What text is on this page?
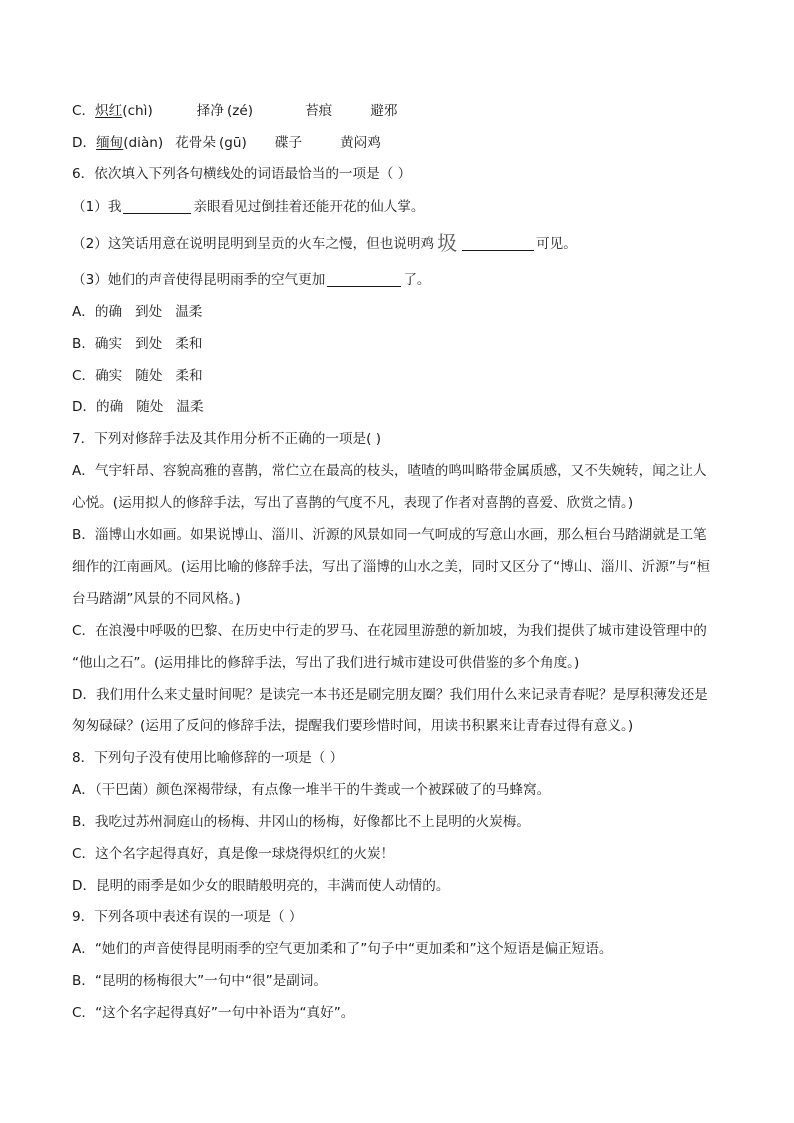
C．炽红(chì)	择净 (zé)	苔痕	避邪
D．缅甸(diàn) 花骨朵 (gū) 碟子	黄闷鸡
6．依次填入下列各句横线处的词语最恰当的一项是（ ）
（1）我	亲眼看见过倒挂着还能开花的仙人掌。
（2）这笑话用意在说明昆明到呈贡的火车之慢，但也说明鸡 圾	可见。
（3）她们的声音使得昆明雨季的空气更加	了。
A．的确   到处   温柔
B．确实   到处   柔和
C．确实   随处   柔和
D．的确   随处   温柔
7．下列对修辞手法及其作用分析不正确的一项是( )
A．气宇轩昂、容貌高雅的喜鹊，常伫立在最高的枝头，喳喳的鸣叫略带金属质感，又不失婉转，闻之让人
心悦。(运用拟人的修辞手法，写出了喜鹊的气度不凡，表现了作者对喜鹊的喜爱、欣赏之情。)
B．淄博山水如画。如果说博山、淄川、沂源的风景如同一气呵成的写意山水画，那么桓台马踏湖就是工笔
细作的江南画风。(运用比喻的修辞手法，写出了淄博的山水之美，同时又区分了“博山、淄川、沂源”与“桓
台马踏湖”风景的不同风格。)
C．在浪漫中呼吸的巴黎、在历史中行走的罗马、在花园里游憩的新加坡，为我们提供了城市建设管理中的
“他山之石”。(运用排比的修辞手法，写出了我们进行城市建设可供借鉴的多个角度。)
D．我们用什么来丈量时间呢？是读完一本书还是刷完朋友圈？我们用什么来记录青春呢？是厚积薄发还是
匆匆碌碌？(运用了反问的修辞手法，提醒我们要珍惜时间，用读书积累来让青春过得有意义。)
8．下列句子没有使用比喻修辞的一项是（ ）
A．（干巴菌）颜色深褐带绿，有点像一堆半干的牛粪或一个被踩破了的马蜂窝。
B．我吃过苏州洞庭山的杨梅、井冈山的杨梅，好像都比不上昆明的火炭梅。
C．这个名字起得真好，真是像一球烧得炽红的火炭！
D．昆明的雨季是如少女的眼睛般明亮的，丰满而使人动情的。
9．下列各项中表述有误的一项是（ ）
A．“她们的声音使得昆明雨季的空气更加柔和了”句子中“更加柔和”这个短语是偏正短语。
B．“昆明的杨梅很大”一句中“很”是副词。
C．“这个名字起得真好”一句中补语为“真好”。
